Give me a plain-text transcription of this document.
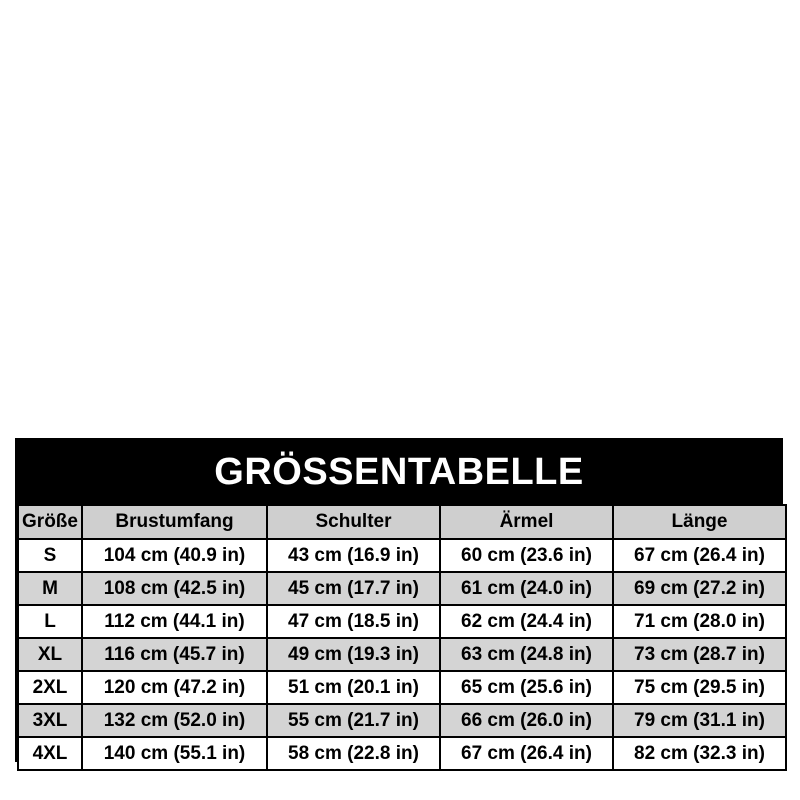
GRÖSSENTABELLE
Größe	Brustumfang	Schulter	Ärmel	Länge
S	104 cm (40.9 in)	43 cm (16.9 in)	60 cm (23.6 in)	67 cm (26.4 in)
M	108 cm (42.5 in)	45 cm (17.7 in)	61 cm (24.0 in)	69 cm (27.2 in)
L	112 cm (44.1 in)	47 cm (18.5 in)	62 cm (24.4 in)	71 cm (28.0 in)
XL	116 cm (45.7 in)	49 cm (19.3 in)	63 cm (24.8 in)	73 cm (28.7 in)
2XL	120 cm (47.2 in)	51 cm (20.1 in)	65 cm (25.6 in)	75 cm (29.5 in)
3XL	132 cm (52.0 in)	55 cm (21.7 in)	66 cm (26.0 in)	79 cm (31.1 in)
4XL	140 cm (55.1 in)	58 cm (22.8 in)	67 cm (26.4 in)	82 cm (32.3 in)
